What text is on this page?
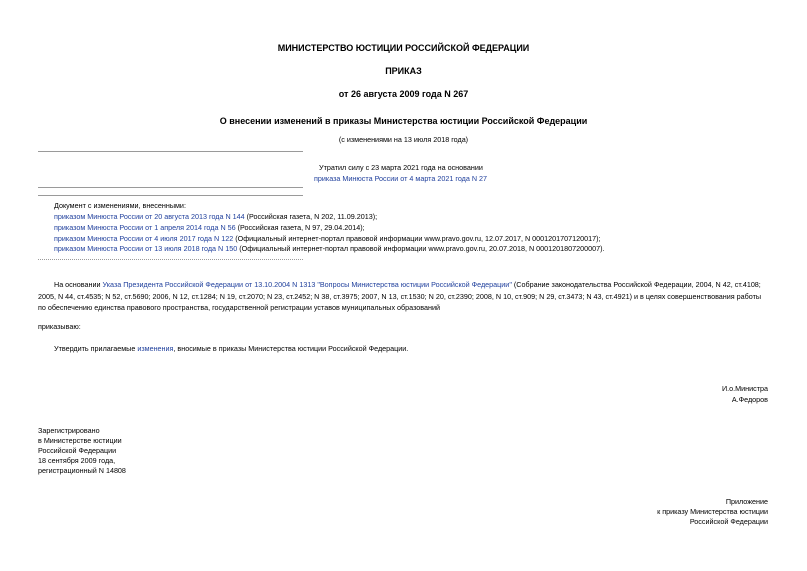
МИНИСТЕРСТВО ЮСТИЦИИ РОССИЙСКОЙ ФЕДЕРАЦИИ
ПРИКАЗ
от 26 августа 2009 года N 267
О внесении изменений в приказы Министерства юстиции Российской Федерации
(с изменениями на 13 июля 2018 года)
Утратил силу с 23 марта 2021 года на основании
приказа Минюста России от 4 марта 2021 года N 27
Документ с изменениями, внесенными:
приказом Минюста России от 20 августа 2013 года N 144 (Российская газета, N 202, 11.09.2013);
приказом Минюста России от 1 апреля 2014 года N 56 (Российская газета, N 97, 29.04.2014);
приказом Минюста России от 4 июля 2017 года N 122 (Официальный интернет-портал правовой информации www.pravo.gov.ru, 12.07.2017, N 0001201707120017);
приказом Минюста России от 13 июля 2018 года N 150 (Официальный интернет-портал правовой информации www.pravo.gov.ru, 20.07.2018, N 0001201807200007).
На основании Указа Президента Российской Федерации от 13.10.2004 N 1313 "Вопросы Министерства юстиции Российской Федерации" (Собрание законодательства Российской Федерации, 2004, N 42, ст.4108; 2005, N 44, ст.4535; N 52, ст.5690; 2006, N 12, ст.1284; N 19, ст.2070; N 23, ст.2452; N 38, ст.3975; 2007, N 13, ст.1530; N 20, ст.2390; 2008, N 10, ст.909; N 29, ст.3473; N 43, ст.4921) и в целях совершенствования работы по обеспечению единства правового пространства, государственной регистрации уставов муниципальных образований
приказываю:
Утвердить прилагаемые изменения, вносимые в приказы Министерства юстиции Российской Федерации.
И.о.Министра
А.Федоров
Зарегистрировано
в Министерстве юстиции
Российской Федерации
18 сентября 2009 года,
регистрационный N 14808
Приложение
к приказу Министерства юстиции
Российской Федерации
